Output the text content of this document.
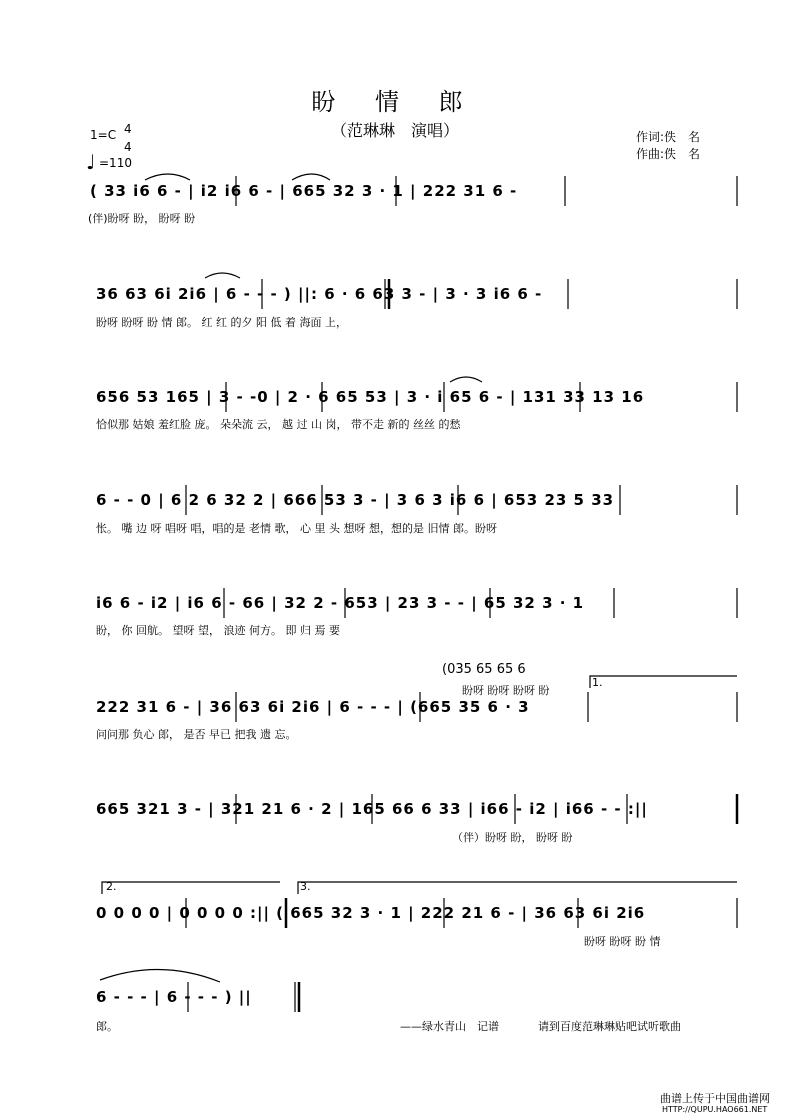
盼 情 郎
（范琳琳　演唱）	作词:佚　名
作曲:佚　名
1=C 4
4
♩ =110
( 33 i6 6 - | i2 i6 6 - | 665 32 3 · 1 | 222 31 6 -
(伴)盼呀 盼， 盼呀 盼
36 63 6i 2i6 | 6 - - - ) ||: 6 · 6 63 3 - | 3 · 3 i6 6 -
盼呀 盼呀 盼 情 郎。 红 红 的夕 阳 低 着 海面 上，
656 53 165 | 3 - -0 | 2 · 6 65 53 | 3 · i 65 6 - | 131 33 13 16
恰似那 姑娘 羞红脸 庞。 朵朵流 云， 越 过 山 岗， 带不走 新的 丝丝 的愁
6 - - 0 | 6 2 6 32 2 | 666 53 3 - | 3 6 3 i6 6 | 653 23 5 33
怅。 嘴 边 呀 唱呀 唱，唱的是 老情 歌， 心 里 头 想呀 想，想的是 旧情 郎。盼呀
i6 6 - i2 | i6 6 - 66 | 32 2 - 653 | 23 3 - - | 65 32 3 · 1
盼， 你 回航。 望呀 望， 浪迹 何方。 即 归 焉 要
(035 65 65 6
盼呀 盼呀 盼呀 盼
222 31 6 - | 36 63 6i 2i6 | 6 - - - | (665 35 6 · 3
问问那 负心 郎， 是否 早已 把我 遗 忘。
665 321 3 - | 321 21 6 · 2 | 165 66 6 33 | i66 - i2 | i66 - - :||
（伴）盼呀 盼， 盼呀 盼
0 0 0 0 | 0 0 0 0 :|| ( 665 32 3 · 1 | 222 21 6 - | 36 63 6i 2i6
盼呀 盼呀 盼 情
6 - - - | 6 - - - ) ||
郎。
1.
2.	3.
——绿水青山　记谱	请到百度范琳琳贴吧试听歌曲
曲谱上传于中国曲谱网
HTTP://QUPU.HAO661.NET
